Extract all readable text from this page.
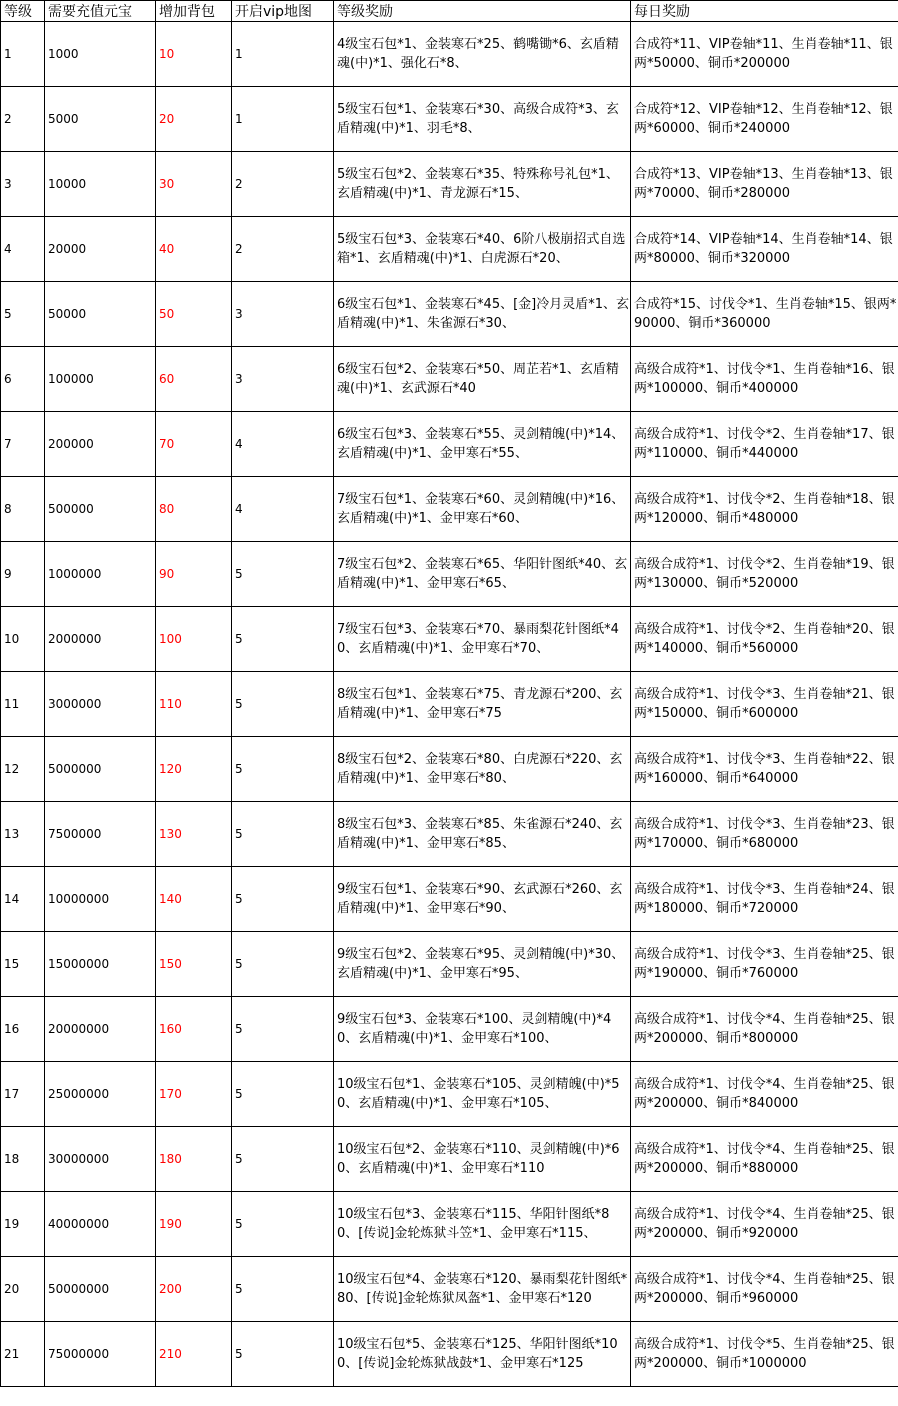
等级	需要充值元宝	增加背包	开启vip地图	等级奖励	每日奖励
1	1000	10	1	4级宝石包*1、金装寒石*25、鹤嘴锄*6、玄盾精魂(中)*1、强化石*8、	合成符*11、VIP卷轴*11、生肖卷轴*11、银两*50000、铜币*200000
2	5000	20	1	5级宝石包*1、金装寒石*30、高级合成符*3、玄盾精魂(中)*1、羽毛*8、	合成符*12、VIP卷轴*12、生肖卷轴*12、银两*60000、铜币*240000
3	10000	30	2	5级宝石包*2、金装寒石*35、特殊称号礼包*1、玄盾精魂(中)*1、青龙源石*15、	合成符*13、VIP卷轴*13、生肖卷轴*13、银两*70000、铜币*280000
4	20000	40	2	5级宝石包*3、金装寒石*40、6阶八极崩招式自选箱*1、玄盾精魂(中)*1、白虎源石*20、	合成符*14、VIP卷轴*14、生肖卷轴*14、银两*80000、铜币*320000
5	50000	50	3	6级宝石包*1、金装寒石*45、[金]冷月灵盾*1、玄盾精魂(中)*1、朱雀源石*30、	合成符*15、讨伐令*1、生肖卷轴*15、银两*90000、铜币*360000
6	100000	60	3	6级宝石包*2、金装寒石*50、周芷若*1、玄盾精魂(中)*1、玄武源石*40	高级合成符*1、讨伐令*1、生肖卷轴*16、银两*100000、铜币*400000
7	200000	70	4	6级宝石包*3、金装寒石*55、灵剑精魄(中)*14、玄盾精魂(中)*1、金甲寒石*55、	高级合成符*1、讨伐令*2、生肖卷轴*17、银两*110000、铜币*440000
8	500000	80	4	7级宝石包*1、金装寒石*60、灵剑精魄(中)*16、玄盾精魂(中)*1、金甲寒石*60、	高级合成符*1、讨伐令*2、生肖卷轴*18、银两*120000、铜币*480000
9	1000000	90	5	7级宝石包*2、金装寒石*65、华阳针图纸*40、玄盾精魂(中)*1、金甲寒石*65、	高级合成符*1、讨伐令*2、生肖卷轴*19、银两*130000、铜币*520000
10	2000000	100	5	7级宝石包*3、金装寒石*70、暴雨梨花针图纸*40、玄盾精魂(中)*1、金甲寒石*70、	高级合成符*1、讨伐令*2、生肖卷轴*20、银两*140000、铜币*560000
11	3000000	110	5	8级宝石包*1、金装寒石*75、青龙源石*200、玄盾精魂(中)*1、金甲寒石*75	高级合成符*1、讨伐令*3、生肖卷轴*21、银两*150000、铜币*600000
12	5000000	120	5	8级宝石包*2、金装寒石*80、白虎源石*220、玄盾精魂(中)*1、金甲寒石*80、	高级合成符*1、讨伐令*3、生肖卷轴*22、银两*160000、铜币*640000
13	7500000	130	5	8级宝石包*3、金装寒石*85、朱雀源石*240、玄盾精魂(中)*1、金甲寒石*85、	高级合成符*1、讨伐令*3、生肖卷轴*23、银两*170000、铜币*680000
14	10000000	140	5	9级宝石包*1、金装寒石*90、玄武源石*260、玄盾精魂(中)*1、金甲寒石*90、	高级合成符*1、讨伐令*3、生肖卷轴*24、银两*180000、铜币*720000
15	15000000	150	5	9级宝石包*2、金装寒石*95、灵剑精魄(中)*30、玄盾精魂(中)*1、金甲寒石*95、	高级合成符*1、讨伐令*3、生肖卷轴*25、银两*190000、铜币*760000
16	20000000	160	5	9级宝石包*3、金装寒石*100、灵剑精魄(中)*40、玄盾精魂(中)*1、金甲寒石*100、	高级合成符*1、讨伐令*4、生肖卷轴*25、银两*200000、铜币*800000
17	25000000	170	5	10级宝石包*1、金装寒石*105、灵剑精魄(中)*50、玄盾精魂(中)*1、金甲寒石*105、	高级合成符*1、讨伐令*4、生肖卷轴*25、银两*200000、铜币*840000
18	30000000	180	5	10级宝石包*2、金装寒石*110、灵剑精魄(中)*60、玄盾精魂(中)*1、金甲寒石*110	高级合成符*1、讨伐令*4、生肖卷轴*25、银两*200000、铜币*880000
19	40000000	190	5	10级宝石包*3、金装寒石*115、华阳针图纸*80、[传说]金轮炼狱斗笠*1、金甲寒石*115、	高级合成符*1、讨伐令*4、生肖卷轴*25、银两*200000、铜币*920000
20	50000000	200	5	10级宝石包*4、金装寒石*120、暴雨梨花针图纸*80、[传说]金轮炼狱凤盔*1、金甲寒石*120	高级合成符*1、讨伐令*4、生肖卷轴*25、银两*200000、铜币*960000
21	75000000	210	5	10级宝石包*5、金装寒石*125、华阳针图纸*100、[传说]金轮炼狱战鼓*1、金甲寒石*125	高级合成符*1、讨伐令*5、生肖卷轴*25、银两*200000、铜币*1000000
